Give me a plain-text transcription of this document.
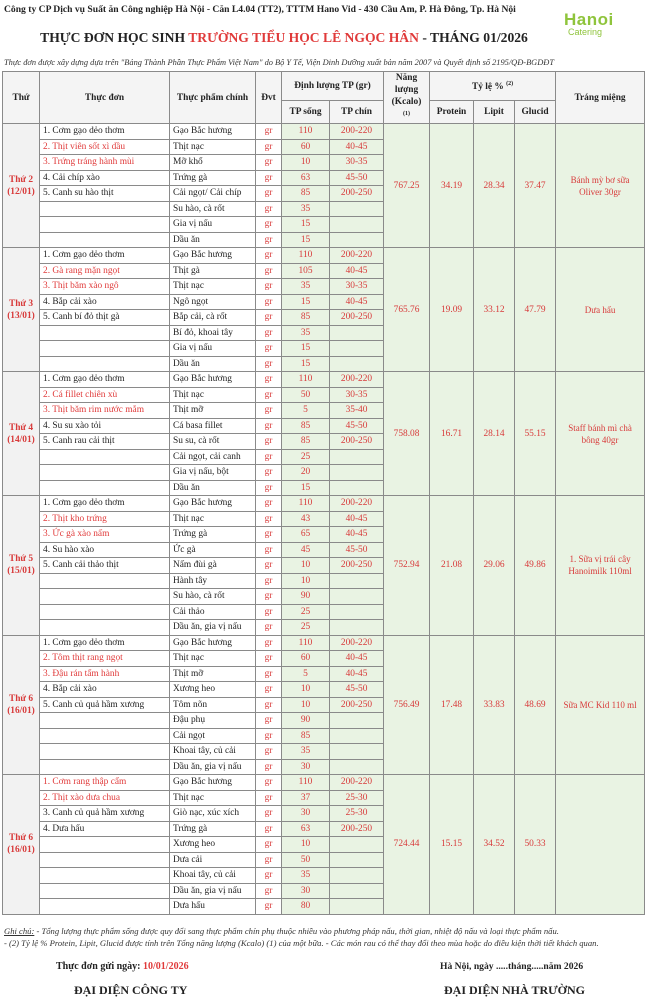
Công ty CP Dịch vụ Suất ăn Công nghiệp Hà Nội - Căn L4.04 (TT2), TTTM Hano Vid - 430 Cầu Am, P. Hà Đông, Tp. Hà Nội
Hanoi
Catering
THỰC ĐƠN HỌC SINH TRƯỜNG TIỂU HỌC LÊ NGỌC HÂN - THÁNG 01/2026
Thực đơn được xây dựng dựa trên "Bảng Thành Phần Thực Phẩm Việt Nam" do Bộ Y Tế, Viện Dinh Dưỡng xuất bản năm 2007 và Quyết định số 2195/QĐ-BGDĐT
Thứ	Thực đơn	Thực phẩm chính	Đvt	Định lượng TP (gr)		Năng lượng (Kcalo) $^{(1)}$	Tỷ lệ % $^{(2)}$			Tráng miệng
				TP sống	TP chín		Protein	Lipit	Glucid	

Thứ 2
(12/01)	1. Cơm gạo dẻo thơm	Gạo Bắc hương	gr	110	200-220	767.25	34.19	28.34	37.47	Bánh mỳ bơ sữa Oliver 30gr
	2. Thịt viên sốt xì dầu	Thịt nạc	gr	60	40-45					
	3. Trứng tráng hành mùi	Mỡ khổ	gr	10	30-35					
	4. Cải chíp xào	Trứng gà	gr	63	45-50					
	5. Canh su hào thịt	Cải ngọt/ Cải chíp	gr	85	200-250					
		Su hào, cà rốt	gr	35						
		Gia vị nấu	gr	15						
		Dầu ăn	gr	15						

Thứ 3
(13/01)	1. Cơm gạo dẻo thơm	Gạo Bắc hương	gr	110	200-220	765.76	19.09	33.12	47.79	Dưa hấu
	2. Gà rang mặn ngọt	Thịt gà	gr	105	40-45					
	3. Thịt băm xào ngô	Thịt nạc	gr	35	30-35					
	4. Bắp cải xào	Ngô ngọt	gr	15	40-45					
	5. Canh bí đỏ thịt gà	Bắp cải, cà rốt	gr	85	200-250					
		Bí đỏ, khoai tây	gr	35						
		Gia vị nấu	gr	15						
		Dầu ăn	gr	15						

Thứ 4
(14/01)	1. Cơm gạo dẻo thơm	Gạo Bắc hương	gr	110	200-220	758.08	16.71	28.14	55.15	Staff bánh mì chà bông 40gr
	2. Cá fillet chiên xù	Thịt nạc	gr	50	30-35					
	3. Thịt băm rim nước mắm	Thịt mỡ	gr	5	35-40					
	4. Su su xào tỏi	Cá basa fillet	gr	85	45-50					
	5. Canh rau cải thịt	Su su, cà rốt	gr	85	200-250					
		Cải ngọt, cải canh	gr	25						
		Gia vị nấu, bột	gr	20						
		Dầu ăn	gr	15						

Thứ 5
(15/01)	1. Cơm gạo dẻo thơm	Gạo Bắc hương	gr	110	200-220	752.94	21.08	29.06	49.86	1. Sữa vị trái cây Hanoimilk 110ml
	2. Thịt kho trứng	Thịt nạc	gr	43	40-45					
	3. Ức gà xào nấm	Trứng gà	gr	65	40-45					
	4. Su hào xào	Ức gà	gr	45	45-50					
	5. Canh cải thảo thịt	Nấm đùi gà	gr	10	200-250					
		Hành tây	gr	10						
		Su hào, cà rốt	gr	90						
		Cải thảo	gr	25						
		Dầu ăn, gia vị nấu	gr	25						

Thứ 6
(16/01)	1. Cơm gạo dẻo thơm	Gạo Bắc hương	gr	110	200-220	756.49	17.48	33.83	48.69	Sữa MC Kid 110 ml
	2. Tôm thịt rang ngọt	Thịt nạc	gr	60	40-45					
	3. Đậu rán tẩm hành	Thịt mỡ	gr	5	40-45					
	4. Bắp cải xào	Xương heo	gr	10	45-50					
	5. Canh củ quả hầm xương	Tôm nõn	gr	10	200-250					
		Đậu phụ	gr	90						
		Cải ngọt	gr	85						
		Khoai tây, củ cải	gr	35						
		Dầu ăn, gia vị nấu	gr	30						

Thứ 6
(16/01)	1. Cơm rang thập cẩm	Gạo Bắc hương	gr	110	200-220	724.44	15.15	34.52	50.33	
	2. Thịt xào dưa chua	Thịt nạc	gr	37	25-30					
	3. Canh củ quả hầm xương	Giò nạc, xúc xích	gr	30	25-30					
	4. Dưa hấu	Trứng gà	gr	63	200-250					
		Xương heo	gr	10						
		Dưa cải	gr	50						
		Khoai tây, củ cải	gr	35						
		Dầu ăn, gia vị nấu	gr	30						
		Dưa hấu	gr	80						
Ghi chú: - Tổng lượng thực phẩm sống được quy đổi sang thực phẩm chín phụ thuộc nhiều vào phương pháp nấu, thời gian, nhiệt độ nấu và loại thực phẩm nấu.
- (2) Tỷ lệ % Protein, Lipit, Glucid được tính trên Tổng năng lượng (Kcalo) (1) của một bữa. - Các món rau có thể thay đổi theo mùa hoặc do điều kiện thời tiết khách quan.
Thực đơn gửi ngày: 10/01/2026	Hà Nội, ngày .....tháng.....năm 2026
ĐẠI DIỆN CÔNG TY	ĐẠI DIỆN NHÀ TRƯỜNG
